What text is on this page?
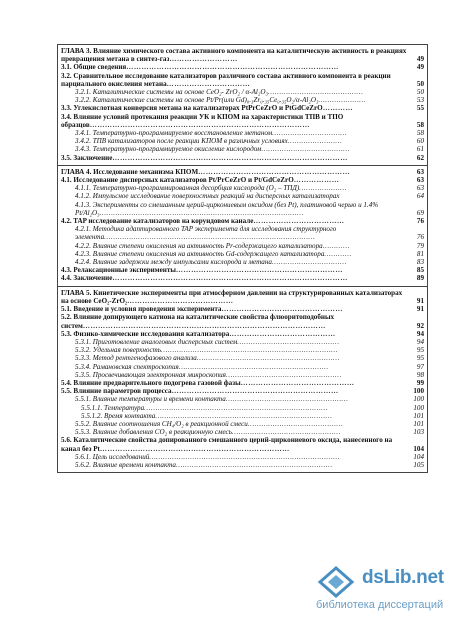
ГЛАВА 3. Влияние химического состава активного компонента на каталитическую активность в реакциях превращения метана в синтез-газ………………………	49
3.1. Общие сведения…………………………………………………………………………	49
3.2. Сравнительное исследование катализаторов различного состава активного компонента в реакции парциального окисления метана……………………………	50
3.2.1. Каталитические системы на основе CeO₂- ZrO₂ / α-Al₂O₃……………………………………	50
3.2.2. Каталитические системы на основе Pt/Pr(или Gd)₀.₃Zr₀.₃₅Ce₀.₃₅O₂/α-Al₂O₃…………………	53
3.3. Углекислотная конверсия метана на катализаторах PtPrCeZrO и PtGdCeZrO…………	55
3.4. Влияние условий протекания реакции УК и КПОМ на характеристики ТПВ и ТПО образцов……………………………………………………………………………	58
3.4.1. Температурно-программируемое восстановление метаном……………………………	58
3.4.2. ТПВ катализаторов после реакции КПОМ в различных условиях……………………	60
3.4.3. Температурно-программируемое окисление кислородом…………………………………	61
3.5. Заключение…………………………………………………………………………………	62

ГЛАВА 4. Исследование механизма КПОМ……………………………………………………	63
4.1. Исследование дисперсных катализаторов Pt/PrCeZrO и Pt/GdCeZrO………………	63
4.1.1. Температурно-программированная десорбция кислорода (O₂ – ТПД)…………………	63
4.1.2. Импульсное исследование поверхностных реакций на дисперсных катализаторах	64
4.1.3. Эксперименты со смешанным церий-циркониевым оксидом (без Pt), платиновой черью и 1.4% Pt/Al₂O₃………………………………………………………………………………	69
4.2. TAP исследование катализаторов на корундовом канале………………………………	76
4.2.1. Методика адаптированного TAP эксперимента для исследования структурного элемента…………………………………………………………………………………	76
4.2.2. Влияние степени окисления на активность Pr-содержащего катализатора…………	79
4.2.3. Влияние степени окисления на активность Gd-содержащего катализатора…………	81
4.2.4. Влияние задержки между импульсами кислорода и метана……………………………	83
4.3. Релаксационные эксперименты…………………………………………………………	85
4.4. Заключение…………………………………………………………………………………	89

ГЛАВА 5. Кинетические эксперименты при атмосферном давлении на структурированных катализаторах на основе CeO₂-ZrO₂……………………………………	91
5.1. Введение и условия проведения эксперимента…………………………………………	91
5.2. Влияние допирующего катиона на каталитические свойства флюоритоподобных систем……………………………………………………………………………………	92
5.3. Физико-химические исследования катализатора……………………………………	94
5.3.1. Приготовление аналоговых дисперсных систем………………………………………	94
5.3.2. Удельная поверхность……………………………………………………………………	95
5.3.3. Метод рентгенофазового анализа………………………………………………………	95
5.3.4. Рамановская спектроскопия…………………………………………………………	97
5.3.5. Просвечивающая электронная микроскопия……………………………………………	98
5.4. Влияние предварительного подогрева газовой фазы………………………………………	99
5.5. Влияние параметров процесса…………………………………………………………	100
5.5.1. Влияние температуры и времени контакта………………………………………………	100
5.5.1.1. Температура………………………………………………………………………	100
5.5.1.2. Время контакта……………………………………………………………………	101
5.5.2. Влияние соотношения CH₄/O₂ в реакционной смеси……………………………………	101
5.5.3. Влияние добавления CO₂ в реакционную смесь…………………………………………	103
5.6. Каталитические свойства допированного смешанного церий-циркониевого оксида, нанесенного на канал без Pt…………………………………………………………………	104
5.6.1. Цель исследований…………………………………………………………………………	104
5.6.2. Влияние времени контакта……………………………………………………………	105
dsLib.net
библиотека диссертаций
